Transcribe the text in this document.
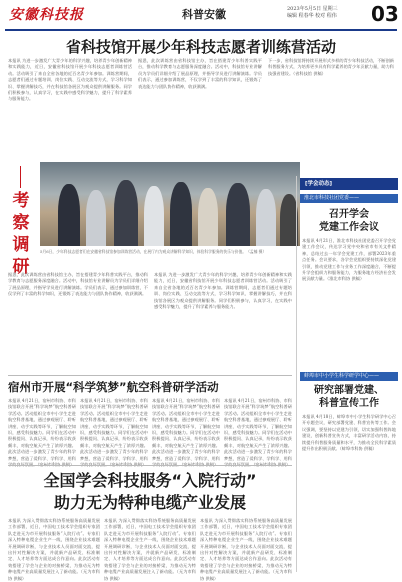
安徽科技报	科普安徽	2023年5月5日 星期三
编辑 程春华 校对 程伟	03
省科技馆开展少年科技志愿者训练营活动
本报讯 为进一步激发广大青少年的科学兴趣，培养青少年创新精神和实践能力，近日，安徽省科技馆开展少年科技志愿者训练营活动。活动吸引了来自全省各地的近百名青少年参加。训练营期间，志愿者们通过专题培训、岗位实践、互动交流等方式，学习科学知识、掌握讲解技巧，并在科技馆各展区为观众提供讲解服务。同学们积极参与，认真学习，在实践中感受科学魅力，提升了科学素养与服务能力。
据悉，此次训练营由省科技馆主办，旨在搭建青少年科普实践平台，推动科学教育与志愿服务深度融合。活动中，科技馆专业讲解员为学员们详细介绍了展品原理，并指导学员进行讲解演练。学员们表示，通过参加训练营，不仅学到了丰富的科学知识，还锻炼了表达能力与团队协作精神，收获满满。
下一步，省科技馆将持续开展形式多样的青少年科技活动，不断创新科普服务方式，为培养更多具有科学素养的青少年贡献力量，助力科技强省建设。（省科技馆 供稿）
考察调研
5月6日，少年科技志愿者们在安徽省科技馆参加训练营活动，在展厅内为观众讲解科学知识，体验科学服务的快乐与价值。（孟楠 摄）
据悉，此次训练营由省科技馆主办，旨在搭建青少年科普实践平台，推动科学教育与志愿服务深度融合。活动中，科技馆专业讲解员为学员们详细介绍了展品原理，并指导学员进行讲解演练。学员们表示，通过参加训练营，不仅学到了丰富的科学知识，还锻炼了表达能力与团队协作精神，收获满满。
本报讯 为进一步激发广大青少年的科学兴趣，培养青少年创新精神和实践能力，近日，安徽省科技馆开展少年科技志愿者训练营活动。活动吸引了来自全省各地的近百名青少年参加。训练营期间，志愿者们通过专题培训、岗位实践、互动交流等方式，学习科学知识、掌握讲解技巧，并在科技馆各展区为观众提供讲解服务。同学们积极参与，认真学习，在实践中感受科学魅力，提升了科学素养与服务能力。
宿州市开展“科学筑梦”航空科普研学活动
本报讯 4月21日，宿州市科协、市科技馆联合开展“科学筑梦”航空科普研学活动。活动组织全市中小学生走进航空科普基地，通过参观展厅、聆听讲座、动手实践等环节，了解航空知识，感受科技魅力。同学们在活动中积极提问、认真记录，纷纷表示收获颇丰，对航空航天产生了浓厚兴趣。此次活动进一步激发了青少年的科学梦想，营造了爱科学、学科学、用科
本报讯 4月21日，宿州市科协、市科技馆联合开展“科学筑梦”航空科普研学活动。活动组织全市中小学生走进航空科普基地，通过参观展厅、聆听讲座、动手实践等环节，了解航空知识，感受科技魅力。同学们在活动中积极提问、认真记录，纷纷表示收获颇丰，对航空航天产生了浓厚兴趣。此次活动进一步激发了青少年的科学梦想，营造了爱科学、学科学、用科
本报讯 4月21日，宿州市科协、市科技馆联合开展“科学筑梦”航空科普研学活动。活动组织全市中小学生走进航空科普基地，通过参观展厅、聆听讲座、动手实践等环节，了解航空知识，感受科技魅力。同学们在活动中积极提问、认真记录，纷纷表示收获颇丰，对航空航天产生了浓厚兴趣。此次活动进一步激发了青少年的科学梦想，营造了爱科学、学科学、用科
本报讯 4月21日，宿州市科协、市科技馆联合开展“科学筑梦”航空科普研学活动。活动组织全市中小学生走进航空科普基地，通过参观展厅、聆听讲座、动手实践等环节，了解航空知识，感受科技魅力。同学们在活动中积极提问、认真记录，纷纷表示收获颇丰，对航空航天产生了浓厚兴趣。此次活动进一步激发了青少年的科学梦想，营造了爱科学、学科学、用科
全国学会科技服务“入院行动”
助力无为特种电缆产业发展
本报讯 为深入贯彻落实科协系统服务高质量发展工作部署，近日，中国电工技术学会组织专家团队走进无为市开展科技服务“入院行动”。专家们深入特种电缆企业生产一线，围绕企业技术难题开展调研诊断，与企业技术人员面对面交流，提出针对性解决方案，并就新产品研发、标准制定、人才培养等方面达成合作意向。此次活动有效搭建了学会与企业的对接桥梁，为推动无为特种电缆产业高质量发展注入了新动能。（无为市科协 供稿）
本报讯 为深入贯彻落实科协系统服务高质量发展工作部署，近日，中国电工技术学会组织专家团队走进无为市开展科技服务“入院行动”。专家们深入特种电缆企业生产一线，围绕企业技术难题开展调研诊断，与企业技术人员面对面交流，提出针对性解决方案，并就新产品研发、标准制定、人才培养等方面达成合作意向。此次活动有效搭建了学会与企业的对接桥梁，为推动无为特种电缆产业高质量发展注入了新动能。（无为市科协 供稿）
本报讯 为深入贯彻落实科协系统服务高质量发展工作部署，近日，中国电工技术学会组织专家团队走进无为市开展科技服务“入院行动”。专家们深入特种电缆企业生产一线，围绕企业技术难题开展调研诊断，与企业技术人员面对面交流，提出针对性解决方案，并就新产品研发、标准制定、人才培养等方面达成合作意向。此次活动有效搭建了学会与企业的对接桥梁，为推动无为特种电缆产业高质量发展注入了新动能。（无为市科协 供稿）
[学会动态]
淮北市科技社团党委——
召开学会
党建工作会议
本报讯 4月21日，淮北市科技社团党委召开学会党建工作会议，传达学习党中央和省市有关文件精神，总结过去一年学会党建工作，部署2023年重点任务。会议要求，各学会党组织要持续深化党建引领，推动党建工作与业务工作深度融合，不断提升学会组织力和服务能力，为服务地方经济社会发展贡献力量。（淮北市科协 供稿）
蚌埠市中小学生科学研学中心——
研究部署党建、
科普宣传工作
本报讯 4月18日，蚌埠市中小学生科学研学中心召开专题会议，研究部署党建、科普宣传等工作。会议强调，要坚持以党建为引领，切实加强科普阵地建设，创新科普宣传方式，丰富研学活动内容，持续提升科普服务质量和水平，为推动全民科学素质提升作出积极贡献。（蚌埠市科协 供稿）
